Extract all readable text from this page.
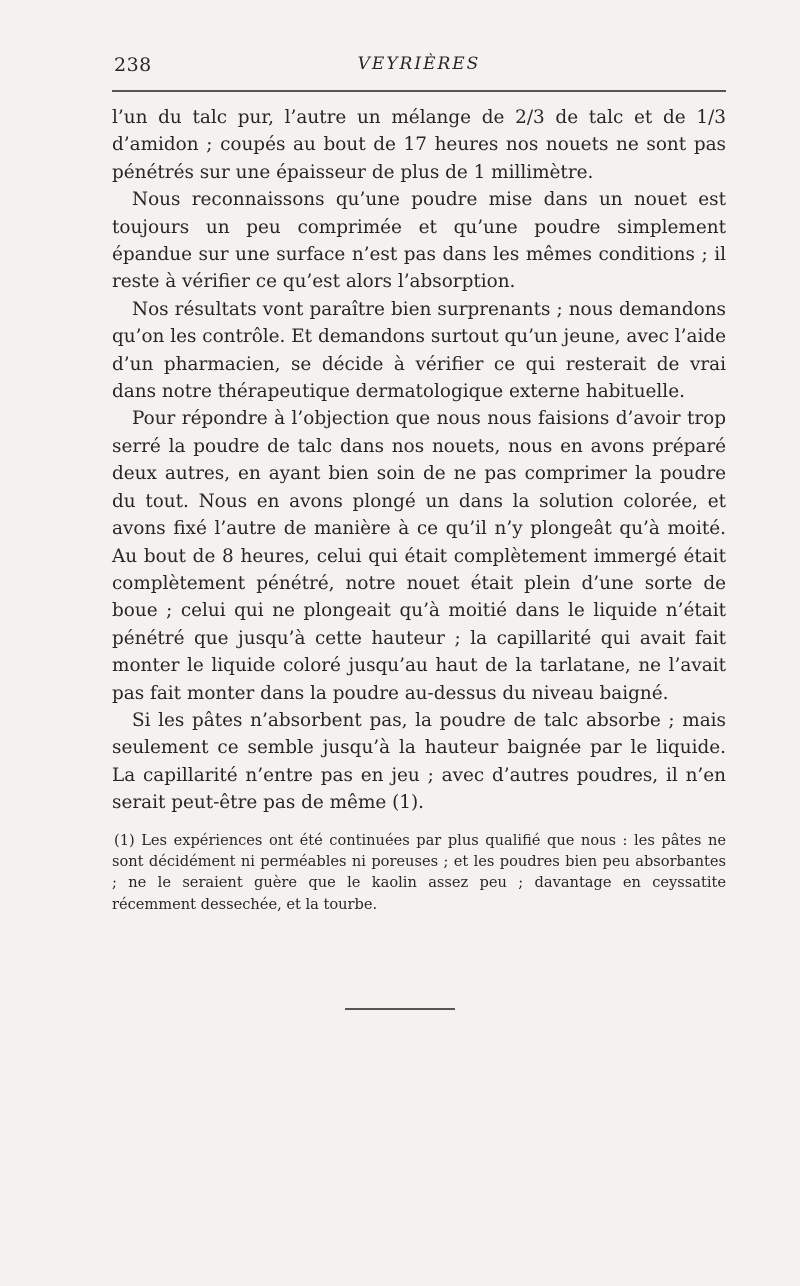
238	VEYRIÈRES

l’un du talc pur, l’autre un mélange de 2/3 de talc et de 1/3 d’amidon ; coupés au bout de 17 heures nos nouets ne sont pas pénétrés sur une épaisseur de plus de 1 millimètre.

Nous reconnaissons qu’une poudre mise dans un nouet est toujours un peu comprimée et qu’une poudre simplement épandue sur une surface n’est pas dans les mêmes conditions ; il reste à vérifier ce qu’est alors l’absorption.

Nos résultats vont paraître bien surprenants ; nous demandons qu’on les contrôle. Et demandons surtout qu’un jeune, avec l’aide d’un pharmacien, se décide à vérifier ce qui resterait de vrai dans notre thérapeutique dermatologique externe habituelle.

Pour répondre à l’objection que nous nous faisions d’avoir trop serré la poudre de talc dans nos nouets, nous en avons préparé deux autres, en ayant bien soin de ne pas comprimer la poudre du tout. Nous en avons plongé un dans la solution colorée, et avons fixé l’autre de manière à ce qu’il n’y plongeât qu’à moité. Au bout de 8 heures, celui qui était complètement immergé était complètement pénétré, notre nouet était plein d’une sorte de boue ; celui qui ne plongeait qu’à moitié dans le liquide n’était pénétré que jusqu’à cette hauteur ; la capillarité qui avait fait monter le liquide coloré jusqu’au haut de la tarlatane, ne l’avait pas fait monter dans la poudre au-dessus du niveau baigné.

Si les pâtes n’absorbent pas, la poudre de talc absorbe ; mais seulement ce semble jusqu’à la hauteur baignée par le liquide. La capillarité n’entre pas en jeu ; avec d’autres poudres, il n’en serait peut-être pas de même (1).

(1) Les expériences ont été continuées par plus qualifié que nous : les pâtes ne sont décidément ni perméables ni poreuses ; et les poudres bien peu absorbantes ; ne le seraient guère que le kaolin assez peu ; davantage en ceyssatite récemment dessechée, et la tourbe.
